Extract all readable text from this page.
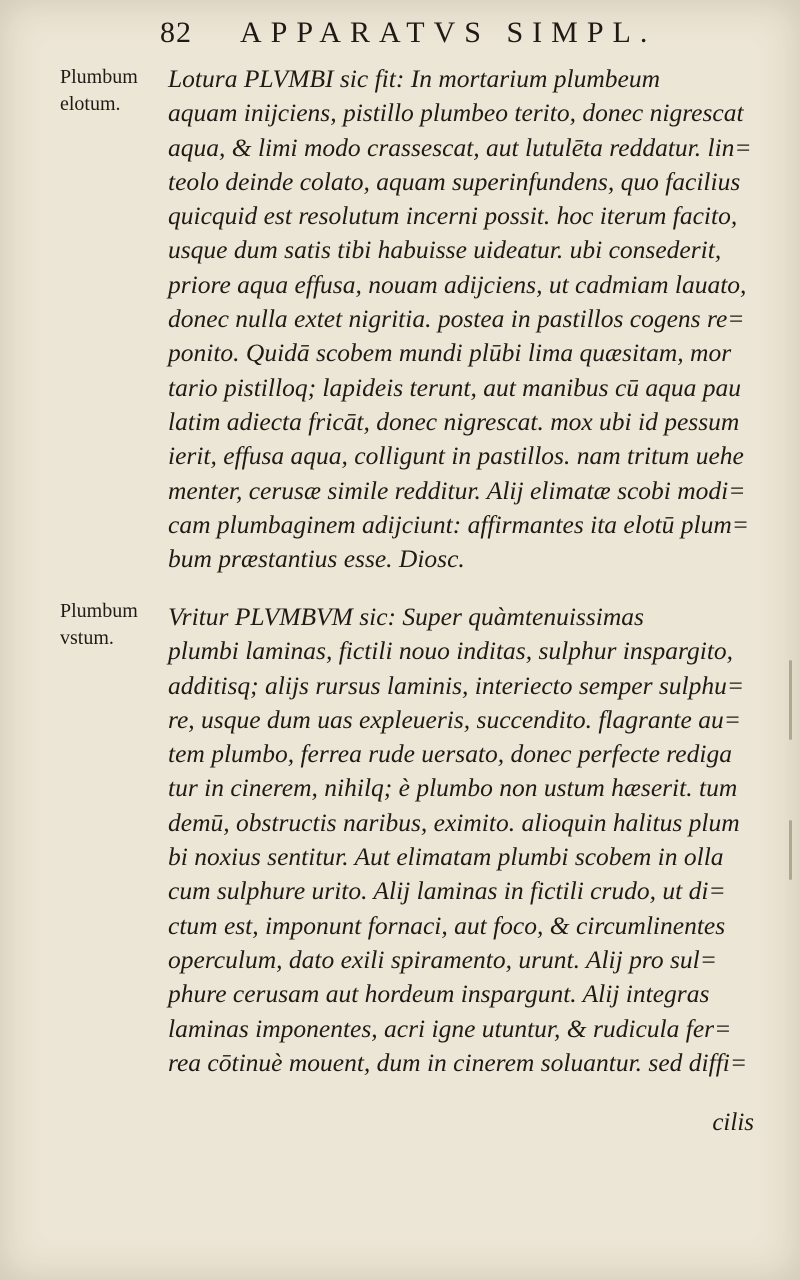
82 APPARATVS SIMPL.
Plumbum
elotum.
Plumbum
vstum.
Lotura PLVMBI sic fit: In mortarium plumbeum
aquam inijciens, pistillo plumbeo terito, donec nigrescat
aqua, & limi modo crassescat, aut lutulēta reddatur. lin=
teolo deinde colato, aquam superinfundens, quo facilius
quicquid est resolutum incerni possit. hoc iterum facito,
usque dum satis tibi habuisse uideatur. ubi consederit,
priore aqua effusa, nouam adijciens, ut cadmiam lauato,
donec nulla extet nigritia. postea in pastillos cogens re=
ponito. Quidā scobem mundi plūbi lima quæsitam, mor
tario pistilloq; lapideis terunt, aut manibus cū aqua pau
latim adiecta fricāt, donec nigrescat. mox ubi id pessum
ierit, effusa aqua, colligunt in pastillos. nam tritum uehe
menter, cerusæ simile redditur. Alij elimatæ scobi modi=
cam plumbaginem adijciunt: affirmantes ita elotū plum=
bum præstantius esse. Diosc.
Vritur PLVMBVM sic: Super quàmtenuissimas
plumbi laminas, fictili nouo inditas, sulphur inspargito,
additisq; alijs rursus laminis, interiecto semper sulphu=
re, usque dum uas expleueris, succendito. flagrante au=
tem plumbo, ferrea rude uersato, donec perfecte rediga
tur in cinerem, nihilq; è plumbo non ustum hæserit. tum
demū, obstructis naribus, eximito. alioquin halitus plum
bi noxius sentitur. Aut elimatam plumbi scobem in olla
cum sulphure urito. Alij laminas in fictili crudo, ut di=
ctum est, imponunt fornaci, aut foco, & circumlinentes
operculum, dato exili spiramento, urunt. Alij pro sul=
phure cerusam aut hordeum inspargunt. Alij integras
laminas imponentes, acri igne utuntur, & rudicula fer=
rea cōtinuè mouent, dum in cinerem soluantur. sed diffi=
cilis
